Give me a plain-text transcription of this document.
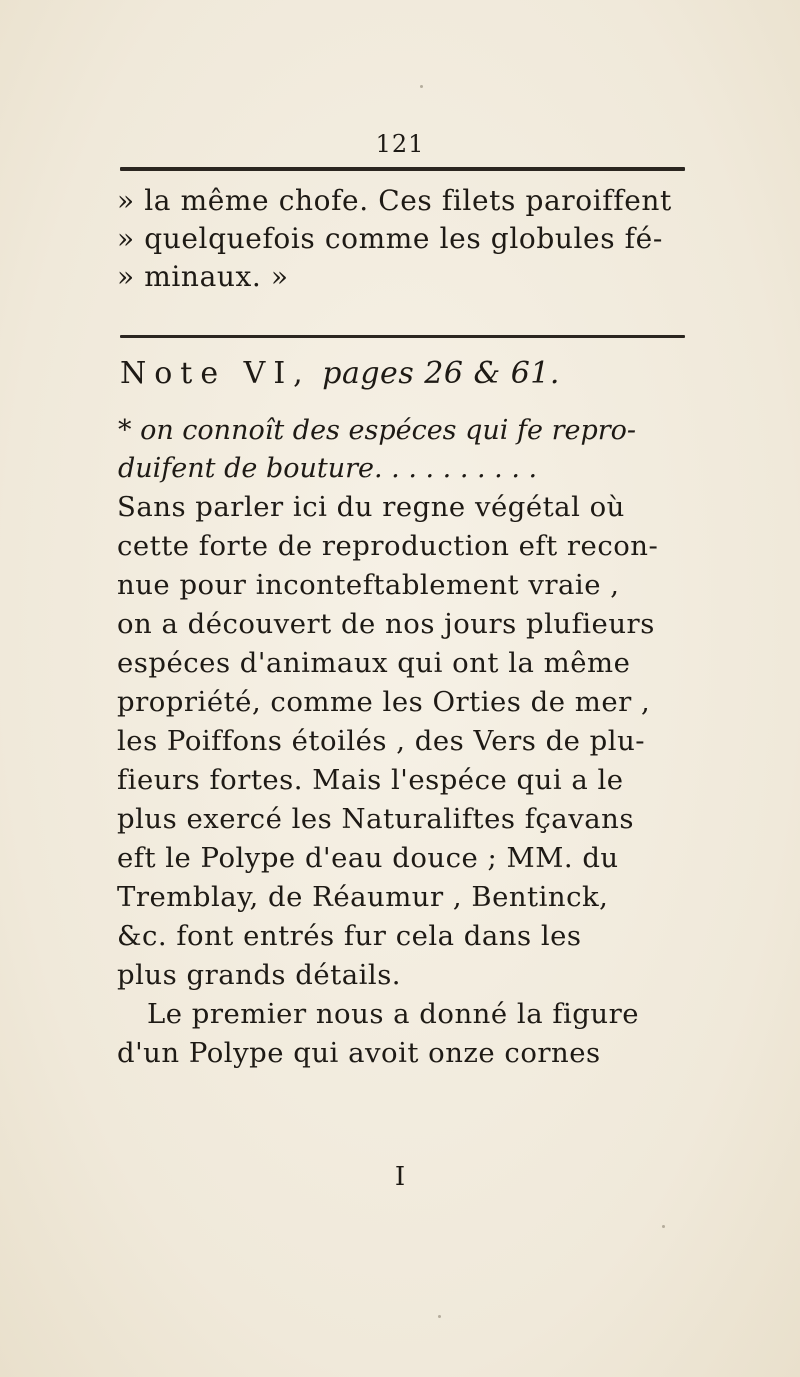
121
» la même chofe. Ces filets paroiffent
» quelquefois comme les globules fé-
» minaux. »
Note VI, pages 26 & 61.
* on connoît des espéces qui fe repro-
duifent de bouture. . . . . . . . . .
Sans parler ici du regne végétal où
cette forte de reproduction eft recon-
nue pour inconteftablement vraie ,
on a découvert de nos jours plufieurs
espéces d'animaux qui ont la même
propriété, comme les Orties de mer ,
les Poiffons étoilés , des Vers de plu-
fieurs fortes. Mais l'espéce qui a le
plus exercé les Naturaliftes fçavans
eft le Polype d'eau douce ; MM. du
Tremblay, de Réaumur , Bentinck,
&c. font entrés fur cela dans les
plus grands détails.
Le premier nous a donné la figure
d'un Polype qui avoit onze cornes
I
